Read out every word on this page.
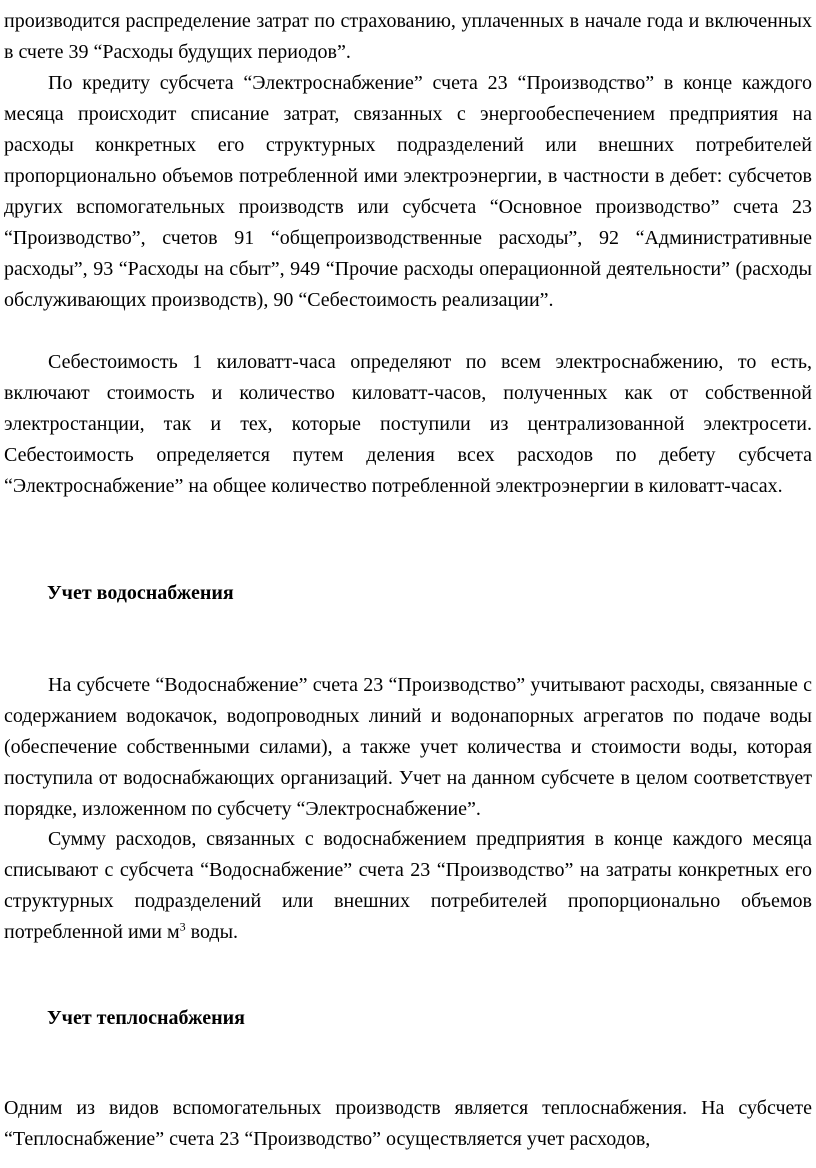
производится распределение затрат по страхованию, уплаченных в начале года и включенных в счете 39 “Расходы будущих периодов”.

По кредиту субсчета “Электроснабжение” счета 23 “Производство” в конце каждого месяца происходит списание затрат, связанных с энергообеспечением предприятия на расходы конкретных его структурных подразделений или внешних потребителей пропорционально объемов потребленной ими электроэнергии, в частности в дебет: субсчетов других вспомогательных производств или субсчета “Основное производство” счета 23 “Производство”, счетов 91 “общепроизводственные расходы”, 92 “Административные расходы”, 93 “Расходы на сбыт”, 949 “Прочие расходы операционной деятельности” (расходы обслуживающих производств), 90 “Себестоимость реализации”.

Себестоимость 1 киловатт-часа определяют по всем электроснабжению, то есть, включают стоимость и количество киловатт-часов, полученных как от собственной электростанции, так и тех, которые поступили из централизованной электросети. Себестоимость определяется путем деления всех расходов по дебету субсчета “Электроснабжение” на общее количество потребленной электроэнергии в киловатт-часах.

Учет водоснабжения

На субсчете “Водоснабжение” счета 23 “Производство” учитывают расходы, связанные с содержанием водокачок, водопроводных линий и водонапорных агрегатов по подаче воды (обеспечение собственными силами), а также учет количества и стоимости воды, которая поступила от водоснабжающих организаций. Учет на данном субсчете в целом соответствует порядке, изложенном по субсчету “Электроснабжение”.

Сумму расходов, связанных с водоснабжением предприятия в конце каждого месяца списывают с субсчета “Водоснабжение” счета 23 “Производство” на затраты конкретных его структурных подразделений или внешних потребителей пропорционально объемов потребленной ими $м^3$ воды.

Учет теплоснабжения

Одним из видов вспомогательных производств является теплоснабжения. На субсчете “Теплоснабжение” счета 23 “Производство” осуществляется учет расходов,
